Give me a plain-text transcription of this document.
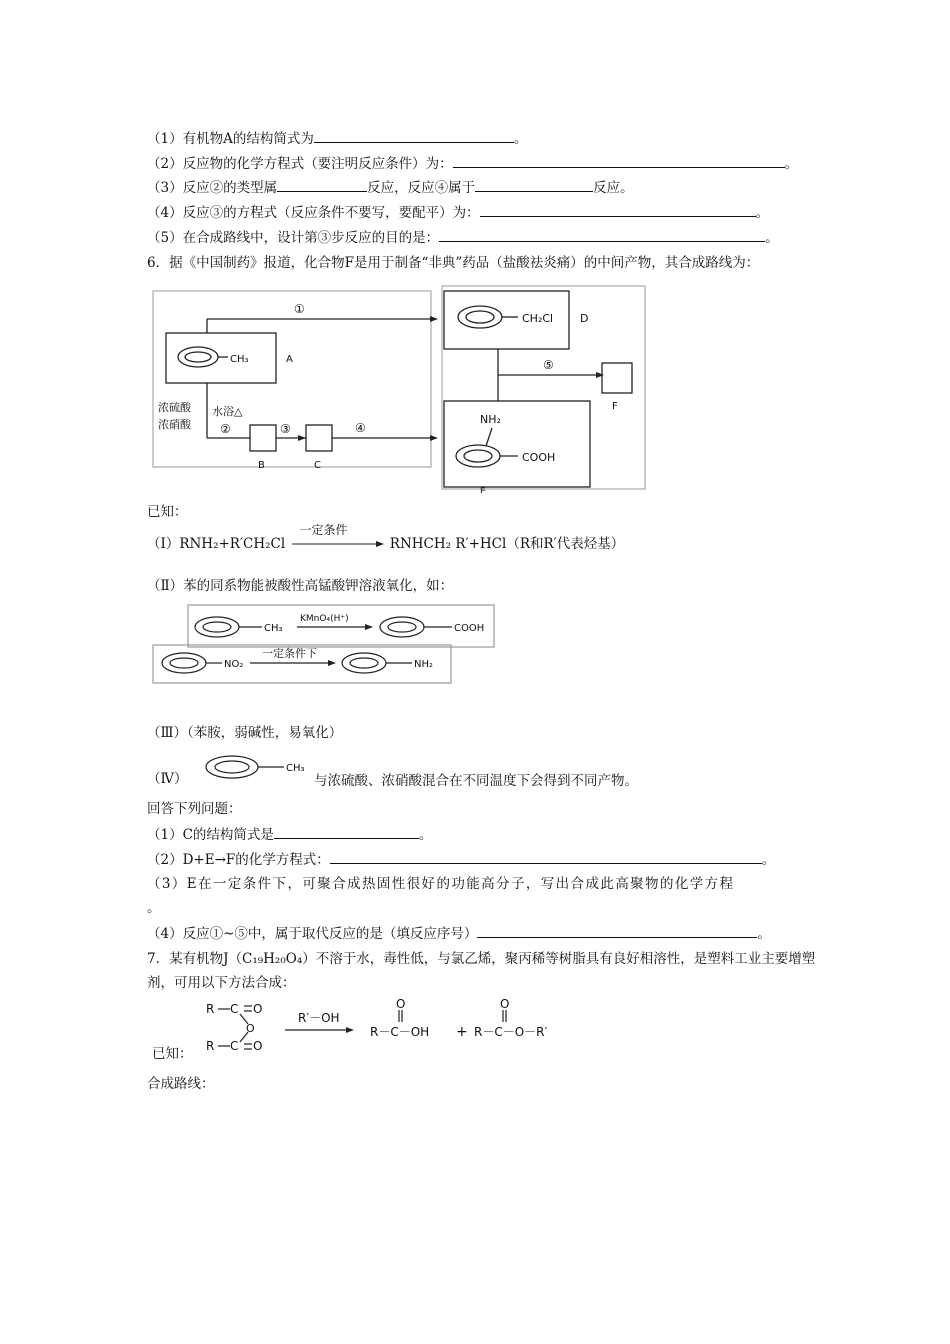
（1）有机物A的结构简式为	。
（2）反应物的化学方程式（要注明反应条件）为：	。
（3）反应②的类型属	反应，反应④属于	反应。
（4）反应③的方程式（反应条件不要写，要配平）为：	。
（5）在合成路线中，设计第③步反应的目的是：	。
6．据《中国制药》报道，化合物F是用于制备“非典”药品（盐酸祛炎痛）的中间产物，其合成路线为：
①
CH₃	A
浓硫酸
浓硝酸
水浴△
②	③	④
B	C
CH₂Cl D
⑤
F
NH₂
COOH
E
已知：
（Ⅰ）RNH₂+R′CH₂Cl
一定条件
RNHCH₂ R′+HCl（R和R′代表烃基）
（Ⅱ）苯的同系物能被酸性高锰酸钾溶液氧化，如：
CH₃
KMnO₄(H⁺)
COOH
NO₂
一定条件下
NH₂
（Ⅲ）（苯胺，弱碱性，易氧化）
（Ⅳ）
CH₃
与浓硫酸、浓硝酸混合在不同温度下会得到不同产物。
回答下列问题：
（1）C的结构简式是	。
（2）D+E→F的化学方程式：	。
（3）E在一定条件下，可聚合成热固性很好的功能高分子，写出合成此高聚物的化学方程
。
（4）反应①~⑤中，属于取代反应的是（填反应序号）	。
7．某有机物J（C₁₉H₂₀O₄）不溶于水，毒性低，与氯乙烯，聚丙稀等树脂具有良好相溶性，是塑料工业主要增塑
剂，可用以下方法合成：
已知：
R C O
O
R C O
R′－OH
O
R－C－OH +
O
R－C－O－R′
合成路线：
